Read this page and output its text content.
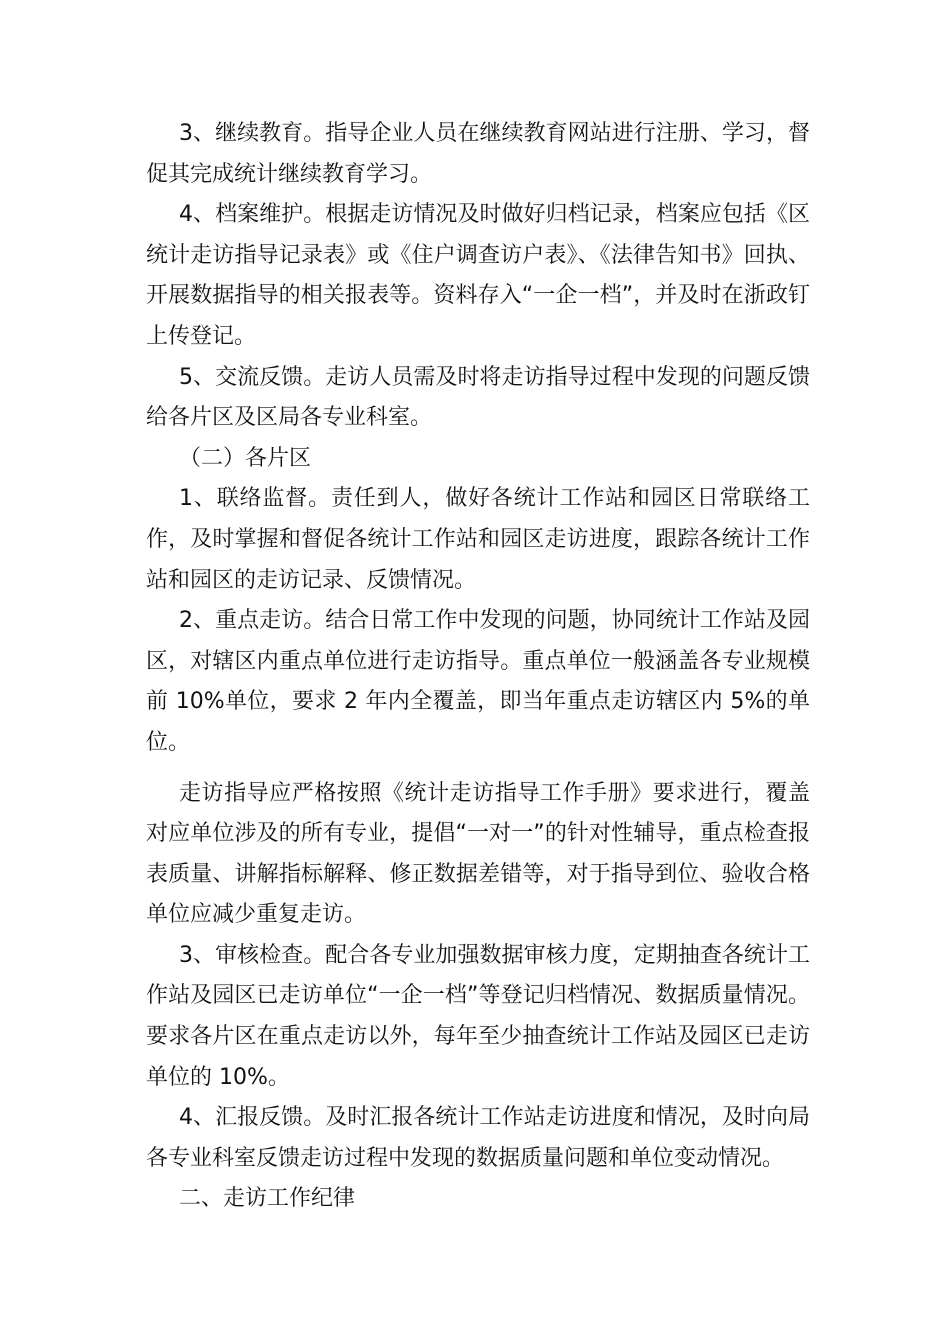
3、继续教育。指导企业人员在继续教育网站进行注册、学习，督促其完成统计继续教育学习。

4、档案维护。根据走访情况及时做好归档记录，档案应包括《区统计走访指导记录表》或《住户调查访户表》、《法律告知书》回执、开展数据指导的相关报表等。资料存入“一企一档”，并及时在浙政钉上传登记。

5、交流反馈。走访人员需及时将走访指导过程中发现的问题反馈给各片区及区局各专业科室。

（二）各片区

1、联络监督。责任到人，做好各统计工作站和园区日常联络工作，及时掌握和督促各统计工作站和园区走访进度，跟踪各统计工作站和园区的走访记录、反馈情况。

2、重点走访。结合日常工作中发现的问题，协同统计工作站及园区，对辖区内重点单位进行走访指导。重点单位一般涵盖各专业规模前 10%单位，要求 2 年内全覆盖，即当年重点走访辖区内 5%的单位。

走访指导应严格按照《统计走访指导工作手册》要求进行，覆盖对应单位涉及的所有专业，提倡“一对一”的针对性辅导，重点检查报表质量、讲解指标解释、修正数据差错等，对于指导到位、验收合格单位应减少重复走访。

3、审核检查。配合各专业加强数据审核力度，定期抽查各统计工作站及园区已走访单位“一企一档”等登记归档情况、数据质量情况。要求各片区在重点走访以外，每年至少抽查统计工作站及园区已走访单位的 10%。

4、汇报反馈。及时汇报各统计工作站走访进度和情况，及时向局各专业科室反馈走访过程中发现的数据质量问题和单位变动情况。

二、走访工作纪律
